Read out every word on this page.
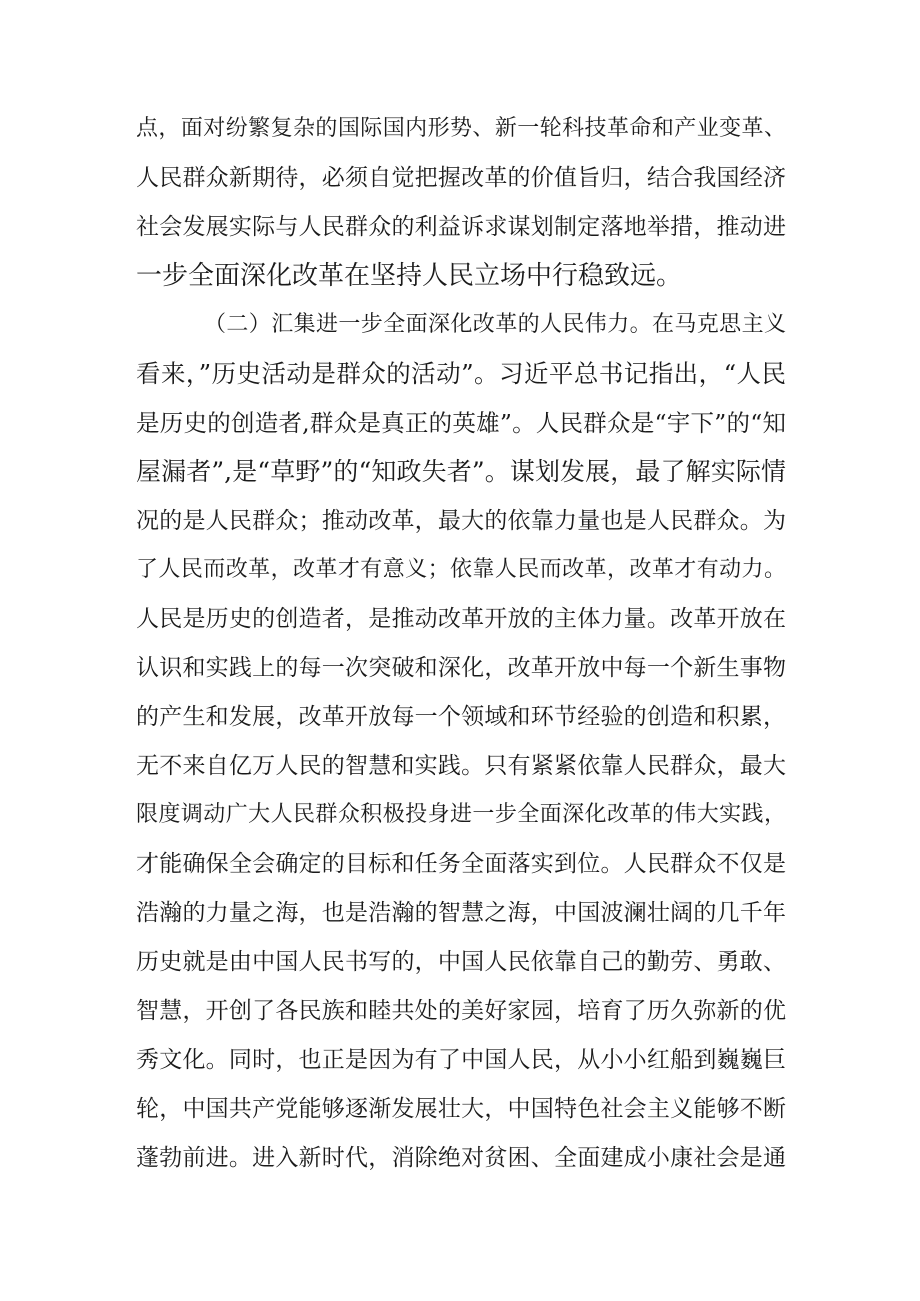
点，面对纷繁复杂的国际国内形势、新一轮科技革命和产业变革、
人民群众新期待，必须自觉把握改革的价值旨归，结合我国经济
社会发展实际与人民群众的利益诉求谋划制定落地举措，推动进
一步全面深化改革在坚持人民立场中行稳致远。
（二）汇集进一步全面深化改革的人民伟力。在马克思主义
看来，”历史活动是群众的活动”。习近平总书记指出，“人民
是历史的创造者,群众是真正的英雄”。人民群众是“宇下”的“知
屋漏者”,是“草野”的“知政失者”。谋划发展，最了解实际情
况的是人民群众；推动改革，最大的依靠力量也是人民群众。为
了人民而改革，改革才有意义；依靠人民而改革，改革才有动力。
人民是历史的创造者，是推动改革开放的主体力量。改革开放在
认识和实践上的每一次突破和深化，改革开放中每一个新生事物
的产生和发展，改革开放每一个领域和环节经验的创造和积累，
无不来自亿万人民的智慧和实践。只有紧紧依靠人民群众，最大
限度调动广大人民群众积极投身进一步全面深化改革的伟大实践，
才能确保全会确定的目标和任务全面落实到位。人民群众不仅是
浩瀚的力量之海，也是浩瀚的智慧之海，中国波澜壮阔的几千年
历史就是由中国人民书写的，中国人民依靠自己的勤劳、勇敢、
智慧，开创了各民族和睦共处的美好家园，培育了历久弥新的优
秀文化。同时，也正是因为有了中国人民，从小小红船到巍巍巨
轮，中国共产党能够逐渐发展壮大，中国特色社会主义能够不断
蓬勃前进。进入新时代，消除绝对贫困、全面建成小康社会是通
